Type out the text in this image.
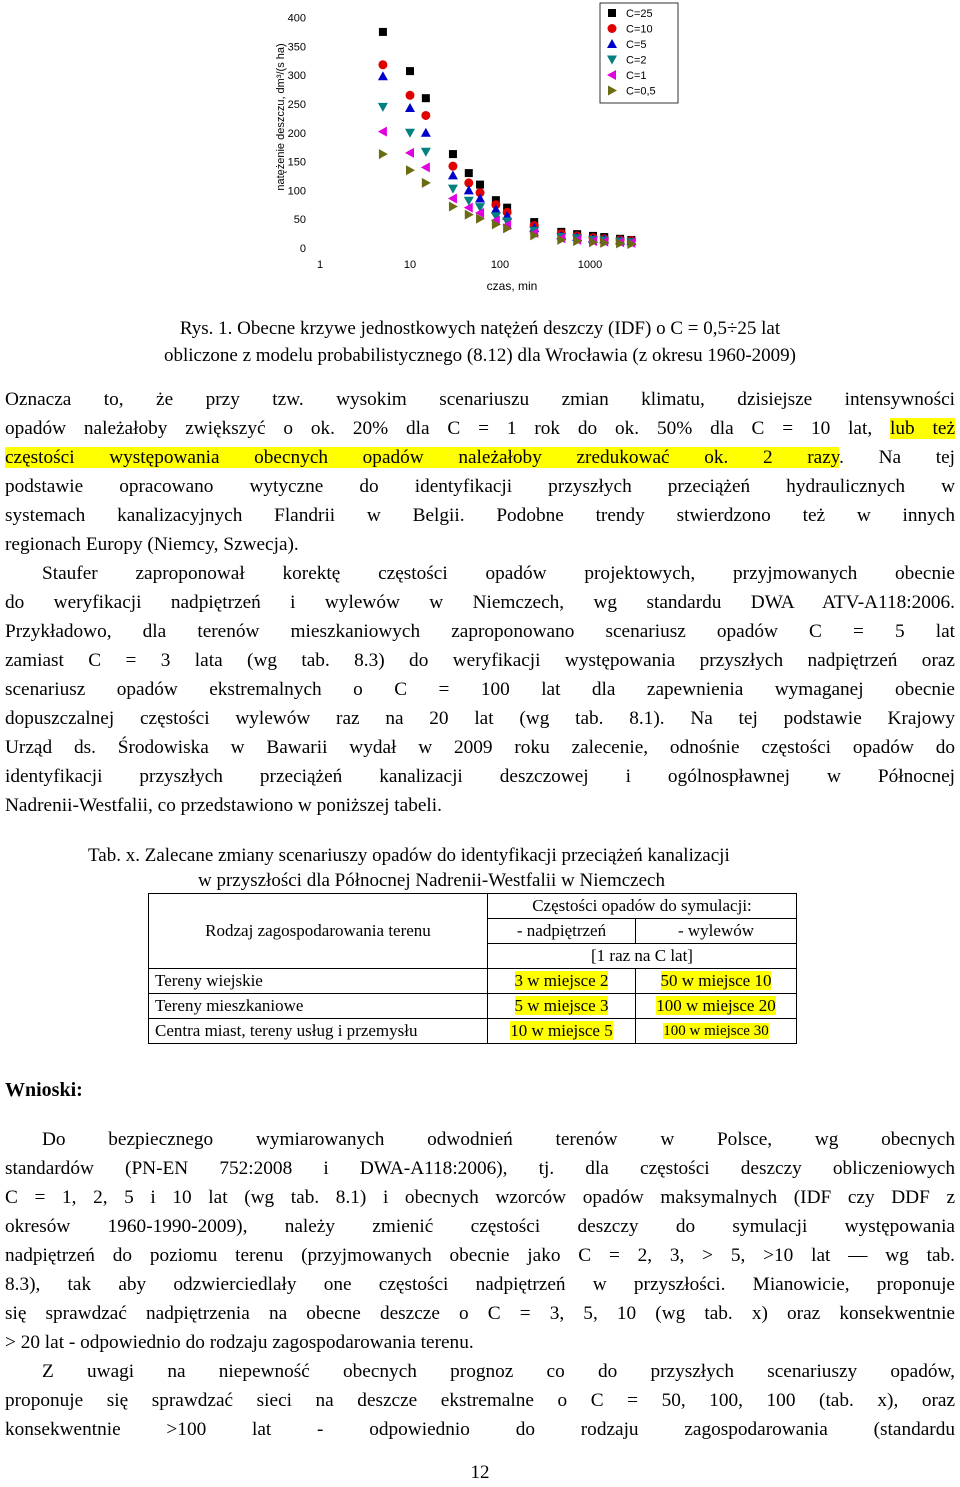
0
50
100
150
200
250
300
350
400
1	10	100	1000
czas, min
natężenie deszczu, dm³/(s ha)
C=25
C=10
C=5
C=2
C=1
C=0,5
Rys. 1. Obecne krzywe jednostkowych natężeń deszczy (IDF) o C = 0,5÷25 lat
obliczone z modelu probabilistycznego (8.12) dla Wrocławia (z okresu 1960-2009)
Oznacza to, że przy tzw. wysokim scenariuszu zmian klimatu, dzisiejsze intensywności
opadów należałoby zwiększyć o ok. 20% dla C = 1 rok do ok. 50% dla C = 10 lat, lub też
częstości występowania obecnych opadów należałoby zredukować ok. 2 razy. Na tej
podstawie opracowano wytyczne do identyfikacji przyszłych przeciążeń hydraulicznych w
systemach kanalizacyjnych Flandrii w Belgii. Podobne trendy stwierdzono też w innych
regionach Europy (Niemcy, Szwecja).
Staufer zaproponował korektę częstości opadów projektowych, przyjmowanych obecnie
do weryfikacji nadpiętrzeń i wylewów w Niemczech, wg standardu DWA ATV-A118:2006.
Przykładowo, dla terenów mieszkaniowych zaproponowano scenariusz opadów C = 5 lat
zamiast C = 3 lata (wg tab. 8.3) do weryfikacji występowania przyszłych nadpiętrzeń oraz
scenariusz opadów ekstremalnych o C = 100 lat dla zapewnienia wymaganej obecnie
dopuszczalnej częstości wylewów raz na 20 lat (wg tab. 8.1). Na tej podstawie Krajowy
Urząd ds. Środowiska w Bawarii wydał w 2009 roku zalecenie, odnośnie częstości opadów do
identyfikacji przyszłych przeciążeń kanalizacji deszczowej i ogólnospławnej w Północnej
Nadrenii-Westfalii, co przedstawiono w poniższej tabeli.
Tab. x. Zalecane zmiany scenariuszy opadów do identyfikacji przeciążeń kanalizacji
w przyszłości dla Północnej Nadrenii-Westfalii w Niemczech
Rodzaj zagospodarowania terenu	Częstości opadów do symulacji:	
	- nadpiętrzeń	- wylewów
	[1 raz na C lat]	
Tereny wiejskie	3 w miejsce 2	50 w miejsce 10
Tereny mieszkaniowe	5 w miejsce 3	100 w miejsce 20
Centra miast, tereny usług i przemysłu	10 w miejsce 5	100 w miejsce 30
Wnioski:
Do bezpiecznego wymiarowanych odwodnień terenów w Polsce, wg obecnych
standardów (PN-EN 752:2008 i DWA-A118:2006), tj. dla częstości deszczy obliczeniowych
C = 1, 2, 5 i 10 lat (wg tab. 8.1) i obecnych wzorców opadów maksymalnych (IDF czy DDF z
okresów 1960-1990-2009), należy zmienić częstości deszczy do symulacji występowania
nadpiętrzeń do poziomu terenu (przyjmowanych obecnie jako C = 2, 3, > 5, >10 lat ― wg tab.
8.3), tak aby odzwierciedlały one częstości nadpiętrzeń w przyszłości. Mianowicie, proponuje
się sprawdzać nadpiętrzenia na obecne deszcze o C = 3, 5, 10 (wg tab. x) oraz konsekwentnie
> 20 lat - odpowiednio do rodzaju zagospodarowania terenu.
Z uwagi na niepewność obecnych prognoz co do przyszłych scenariuszy opadów,
proponuje się sprawdzać sieci na deszcze ekstremalne o C = 50, 100, 100 (tab. x), oraz
konsekwentnie >100 lat - odpowiednio do rodzaju zagospodarowania (standardu
12
